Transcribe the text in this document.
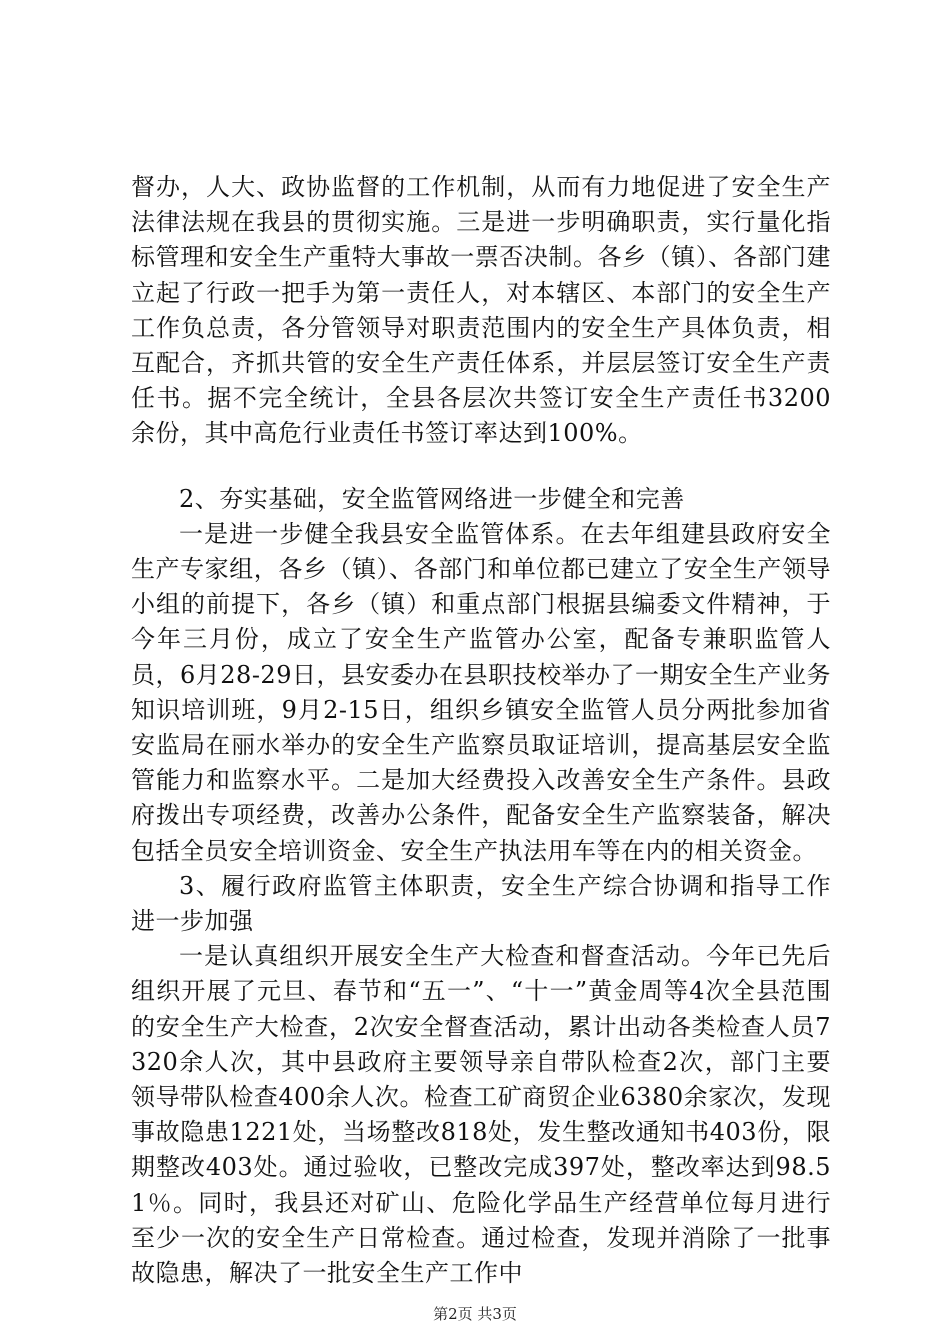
督办，人大、政协监督的工作机制，从而有力地促进了安全生产法律法规在我县的贯彻实施。三是进一步明确职责，实行量化指标管理和安全生产重特大事故一票否决制。各乡（镇）、各部门建立起了行政一把手为第一责任人，对本辖区、本部门的安全生产工作负总责，各分管领导对职责范围内的安全生产具体负责，相互配合，齐抓共管的安全生产责任体系，并层层签订安全生产责任书。据不完全统计，全县各层次共签订安全生产责任书3200余份，其中高危行业责任书签订率达到100%。

2、夯实基础，安全监管网络进一步健全和完善

一是进一步健全我县安全监管体系。在去年组建县政府安全生产专家组，各乡（镇）、各部门和单位都已建立了安全生产领导小组的前提下，各乡（镇）和重点部门根据县编委文件精神，于今年三月份，成立了安全生产监管办公室，配备专兼职监管人员，6月28-29日，县安委办在县职技校举办了一期安全生产业务知识培训班，9月2-15日，组织乡镇安全监管人员分两批参加省安监局在丽水举办的安全生产监察员取证培训，提高基层安全监管能力和监察水平。二是加大经费投入改善安全生产条件。县政府拨出专项经费，改善办公条件，配备安全生产监察装备，解决包括全员安全培训资金、安全生产执法用车等在内的相关资金。

3、履行政府监管主体职责，安全生产综合协调和指导工作进一步加强

一是认真组织开展安全生产大检查和督查活动。今年已先后组织开展了元旦、春节和“五一”、“十一”黄金周等4次全县范围的安全生产大检查，2次安全督查活动，累计出动各类检查人员7320余人次，其中县政府主要领导亲自带队检查2次，部门主要领导带队检查400余人次。检查工矿商贸企业6380余家次，发现事故隐患1221处，当场整改818处，发生整改通知书403份，限期整改403处。通过验收，已整改完成397处，整改率达到98.51％。同时，我县还对矿山、危险化学品生产经营单位每月进行至少一次的安全生产日常检查。通过检查，发现并消除了一批事故隐患，解决了一批安全生产工作中

第2页 共3页
